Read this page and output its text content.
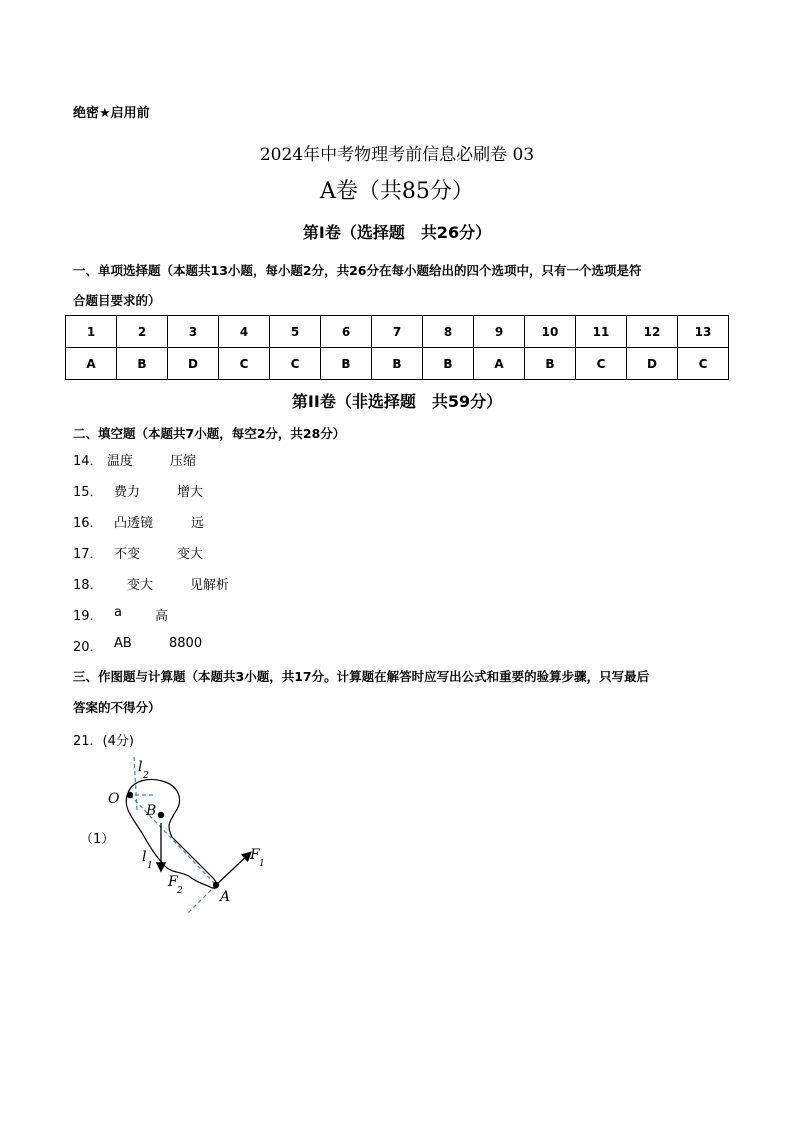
绝密★启用前
2024年中考物理考前信息必刷卷 03
A卷（共85分）
第I卷（选择题　共26分）
一、单项选择题（本题共13小题，每小题2分，共26分在每小题给出的四个选项中，只有一个选项是符
合题目要求的）
1	2	3	4	5	6	7	8	9	10	11	12	13
A	B	D	C	C	B	B	B	A	B	C	D	C
第II卷（非选择题　共59分）
二、填空题（本题共7小题，每空2分，共28分）
14． 温度	压缩
15． 费力	增大
16． 凸透镜	远
17． 不变	变大
18． 变大	见解析
19． a	高
20． AB	8800
三、作图题与计算题（本题共3小题，共17分。计算题在解答时应写出公式和重要的验算步骤，只写最后
答案的不得分）
21．(4分)
（1）
O
B
A
l
2
l
1
F
1
F
2
